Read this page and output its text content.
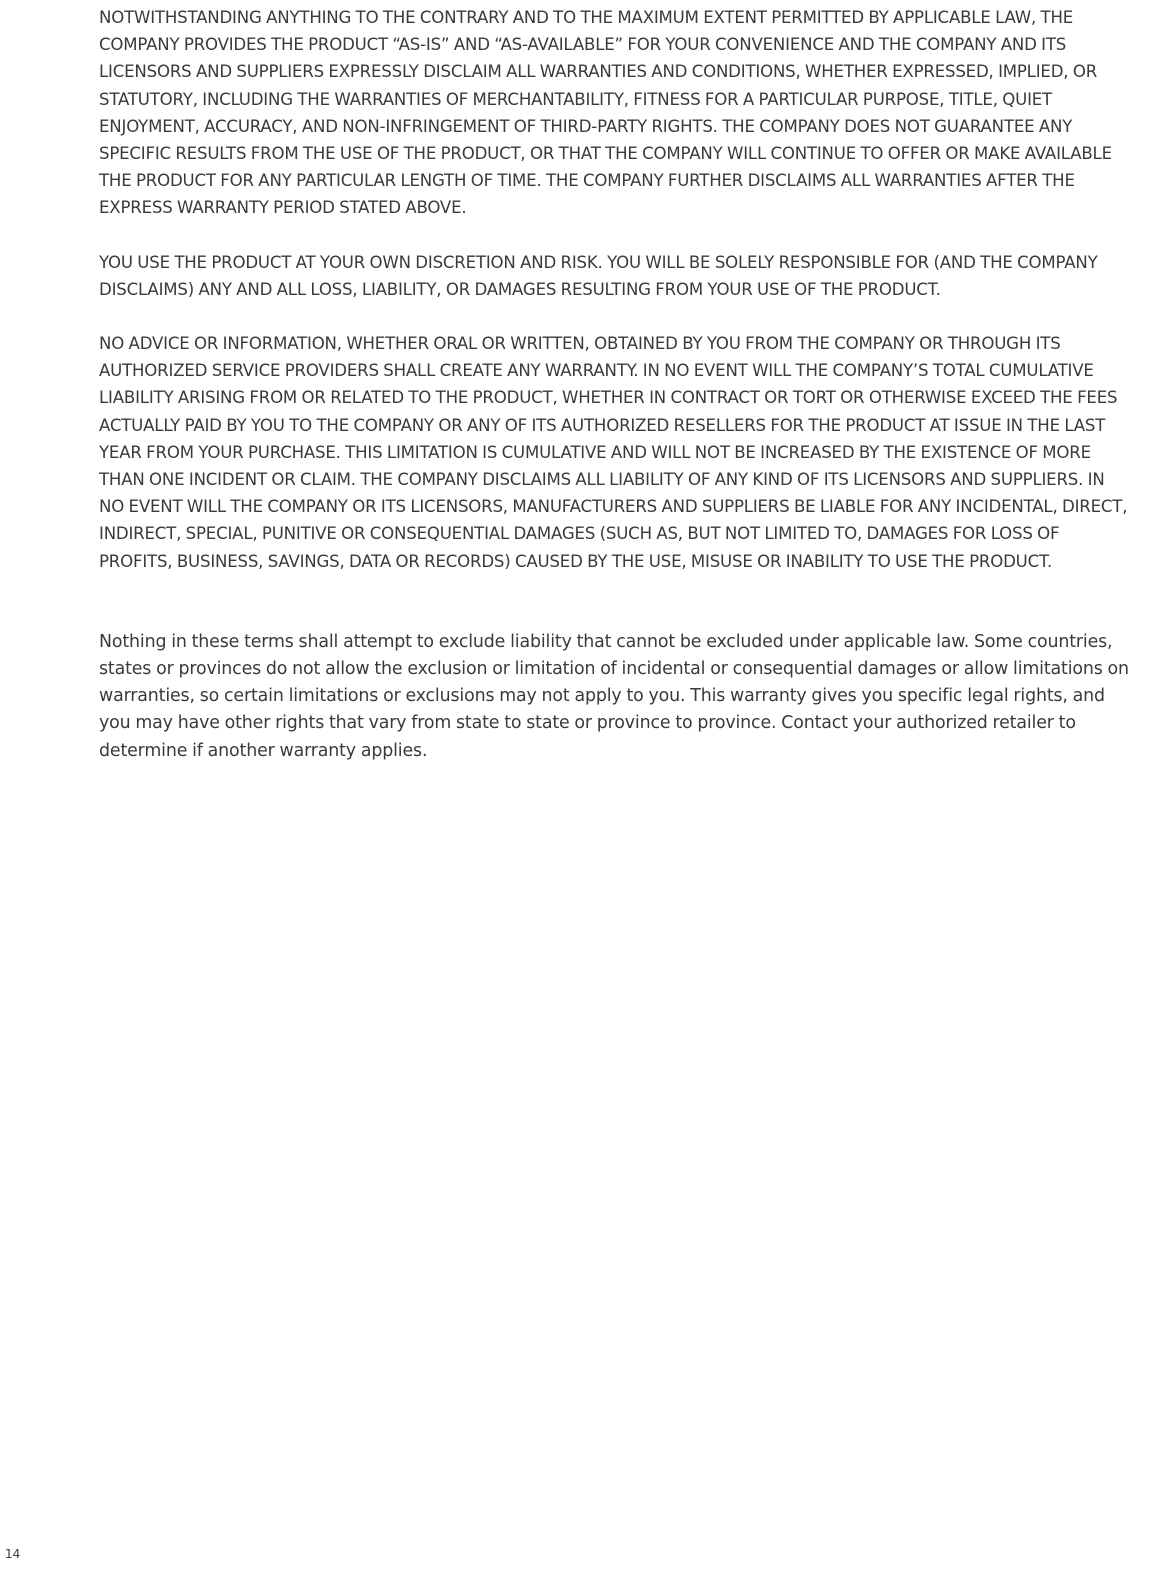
NOTWITHSTANDING ANYTHING TO THE CONTRARY AND TO THE MAXIMUM EXTENT PERMITTED BY APPLICABLE LAW, THE COMPANY PROVIDES THE PRODUCT “AS-IS” AND “AS-AVAILABLE” FOR YOUR CONVENIENCE AND THE COMPANY AND ITS LICENSORS AND SUPPLIERS EXPRESSLY DISCLAIM ALL WARRANTIES AND CONDITIONS, WHETHER EXPRESSED, IMPLIED, OR STATUTORY, INCLUDING THE WARRANTIES OF MERCHANTABILITY, FITNESS FOR A PARTICULAR PURPOSE, TITLE, QUIET ENJOYMENT, ACCURACY, AND NON-INFRINGEMENT OF THIRD-PARTY RIGHTS. THE COMPANY DOES NOT GUARANTEE ANY SPECIFIC RESULTS FROM THE USE OF THE PRODUCT, OR THAT THE COMPANY WILL CONTINUE TO OFFER OR MAKE AVAILABLE THE PRODUCT FOR ANY PARTICULAR LENGTH OF TIME. THE COMPANY FURTHER DISCLAIMS ALL WARRANTIES AFTER THE EXPRESS WARRANTY PERIOD STATED ABOVE.

YOU USE THE PRODUCT AT YOUR OWN DISCRETION AND RISK. YOU WILL BE SOLELY RESPONSIBLE FOR (AND THE COMPANY DISCLAIMS) ANY AND ALL LOSS, LIABILITY, OR DAMAGES RESULTING FROM YOUR USE OF THE PRODUCT.

NO ADVICE OR INFORMATION, WHETHER ORAL OR WRITTEN, OBTAINED BY YOU FROM THE COMPANY OR THROUGH ITS AUTHORIZED SERVICE PROVIDERS SHALL CREATE ANY WARRANTY. IN NO EVENT WILL THE COMPANY’S TOTAL CUMULATIVE LIABILITY ARISING FROM OR RELATED TO THE PRODUCT, WHETHER IN CONTRACT OR TORT OR OTHERWISE EXCEED THE FEES ACTUALLY PAID BY YOU TO THE COMPANY OR ANY OF ITS AUTHORIZED RESELLERS FOR THE PRODUCT AT ISSUE IN THE LAST YEAR FROM YOUR PURCHASE. THIS LIMITATION IS CUMULATIVE AND WILL NOT BE INCREASED BY THE EXISTENCE OF MORE THAN ONE INCIDENT OR CLAIM. THE COMPANY DISCLAIMS ALL LIABILITY OF ANY KIND OF ITS LICENSORS AND SUPPLIERS. IN NO EVENT WILL THE COMPANY OR ITS LICENSORS, MANUFACTURERS AND SUPPLIERS BE LIABLE FOR ANY INCIDENTAL, DIRECT, INDIRECT, SPECIAL, PUNITIVE OR CONSEQUENTIAL DAMAGES (SUCH AS, BUT NOT LIMITED TO, DAMAGES FOR LOSS OF PROFITS, BUSINESS, SAVINGS, DATA OR RECORDS) CAUSED BY THE USE, MISUSE OR INABILITY TO USE THE PRODUCT.

Nothing in these terms shall attempt to exclude liability that cannot be excluded under applicable law. Some countries, states or provinces do not allow the exclusion or limitation of incidental or consequential damages or allow limitations on warranties, so certain limitations or exclusions may not apply to you. This warranty gives you specific legal rights, and you may have other rights that vary from state to state or province to province. Contact your authorized retailer to determine if another warranty applies.

14
